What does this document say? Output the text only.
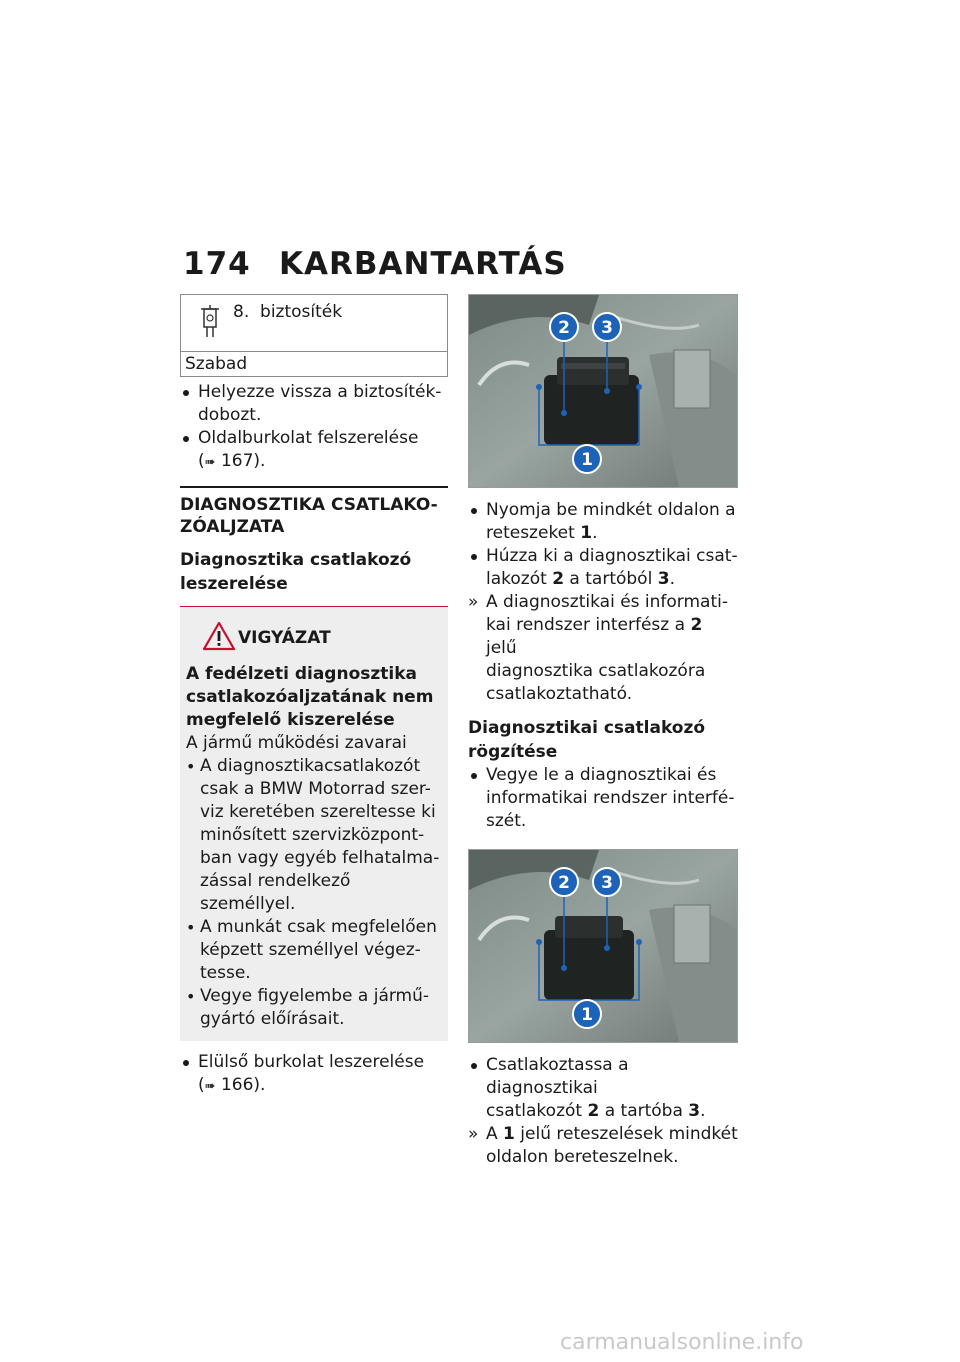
174 KARBANTARTÁS
8. biztosíték
Szabad
Helyezze vissza a biztosíték-
dobozt.
Oldalburkolat felszerelése
(➠ 167).
DIAGNOSZTIKA CSATLAKO-
ZÓALJZATA
Diagnosztika csatlakozó
leszerelése
VIGYÁZAT
A fedélzeti diagnosztika
csatlakozóaljzatának nem
megfelelő kiszerelése
A jármű működési zavarai
• A diagnosztikacsatlakozót
csak a BMW Motorrad szer-
viz keretében szereltesse ki
minősített szervizközpont-
ban vagy egyéb felhatalma-
zással rendelkező személlyel.
• A munkát csak megfelelően
képzett személlyel végez-
tesse.
• Vegye figyelembe a jármű-
gyártó előírásait.
Elülső burkolat leszerelése
(➠ 166).
2 3
1
Nyomja be mindkét oldalon a
reteszeket 1.
Húzza ki a diagnosztikai csat-
lakozót 2 a tartóból 3.
» A diagnosztikai és informati-
kai rendszer interfész a 2 jelű
diagnosztika csatlakozóra
csatlakoztatható.
Diagnosztikai csatlakozó
rögzítése
Vegye le a diagnosztikai és
informatikai rendszer interfé-
szét.
2 3
1
Csatlakoztassa a diagnosztikai
csatlakozót 2 a tartóba 3.
» A 1 jelű reteszelések mindkét
oldalon bereteszelnek.
carmanualsonline.info
